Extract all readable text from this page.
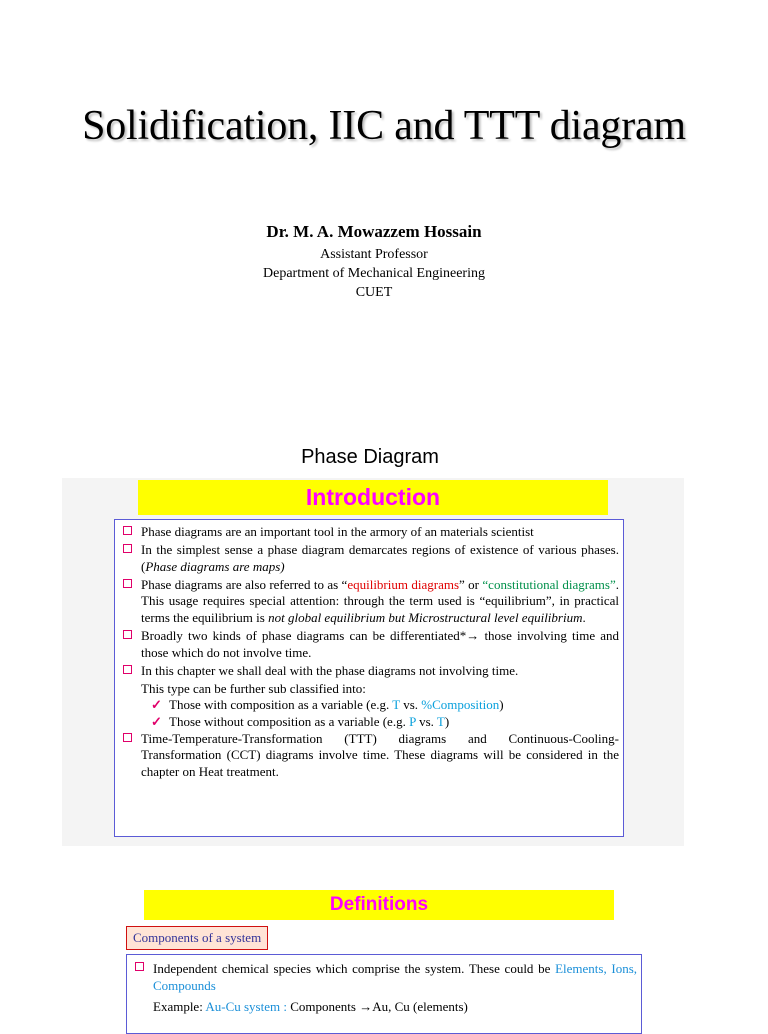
Solidification, IIC and TTT diagram
Dr. M. A. Mowazzem Hossain
Assistant Professor
Department of Mechanical Engineering
CUET
Phase Diagram
Introduction
Phase diagrams are an important tool in the armory of an materials scientist
In the simplest sense a phase diagram demarcates regions of existence of various phases. (Phase diagrams are maps)
Phase diagrams are also referred to as “equilibrium diagrams” or “constitutional diagrams”. This usage requires special attention: through the term used is “equilibrium”, in practical terms the equilibrium is not global equilibrium but Microstructural level equilibrium.
Broadly two kinds of phase diagrams can be differentiated*→ those involving time and those which do not involve time.
In this chapter we shall deal with the phase diagrams not involving time.
This type can be further sub classified into:
✓ Those with composition as a variable (e.g. T vs. %Composition)
✓ Those without composition as a variable (e.g. P vs. T)
Time-Temperature-Transformation (TTT) diagrams and Continuous-Cooling-Transformation (CCT) diagrams involve time. These diagrams will be considered in the chapter on Heat treatment.
Definitions
Components of a system
Independent chemical species which comprise the system. These could be Elements, Ions, Compounds
Example: Au-Cu system : Components →Au, Cu (elements)
